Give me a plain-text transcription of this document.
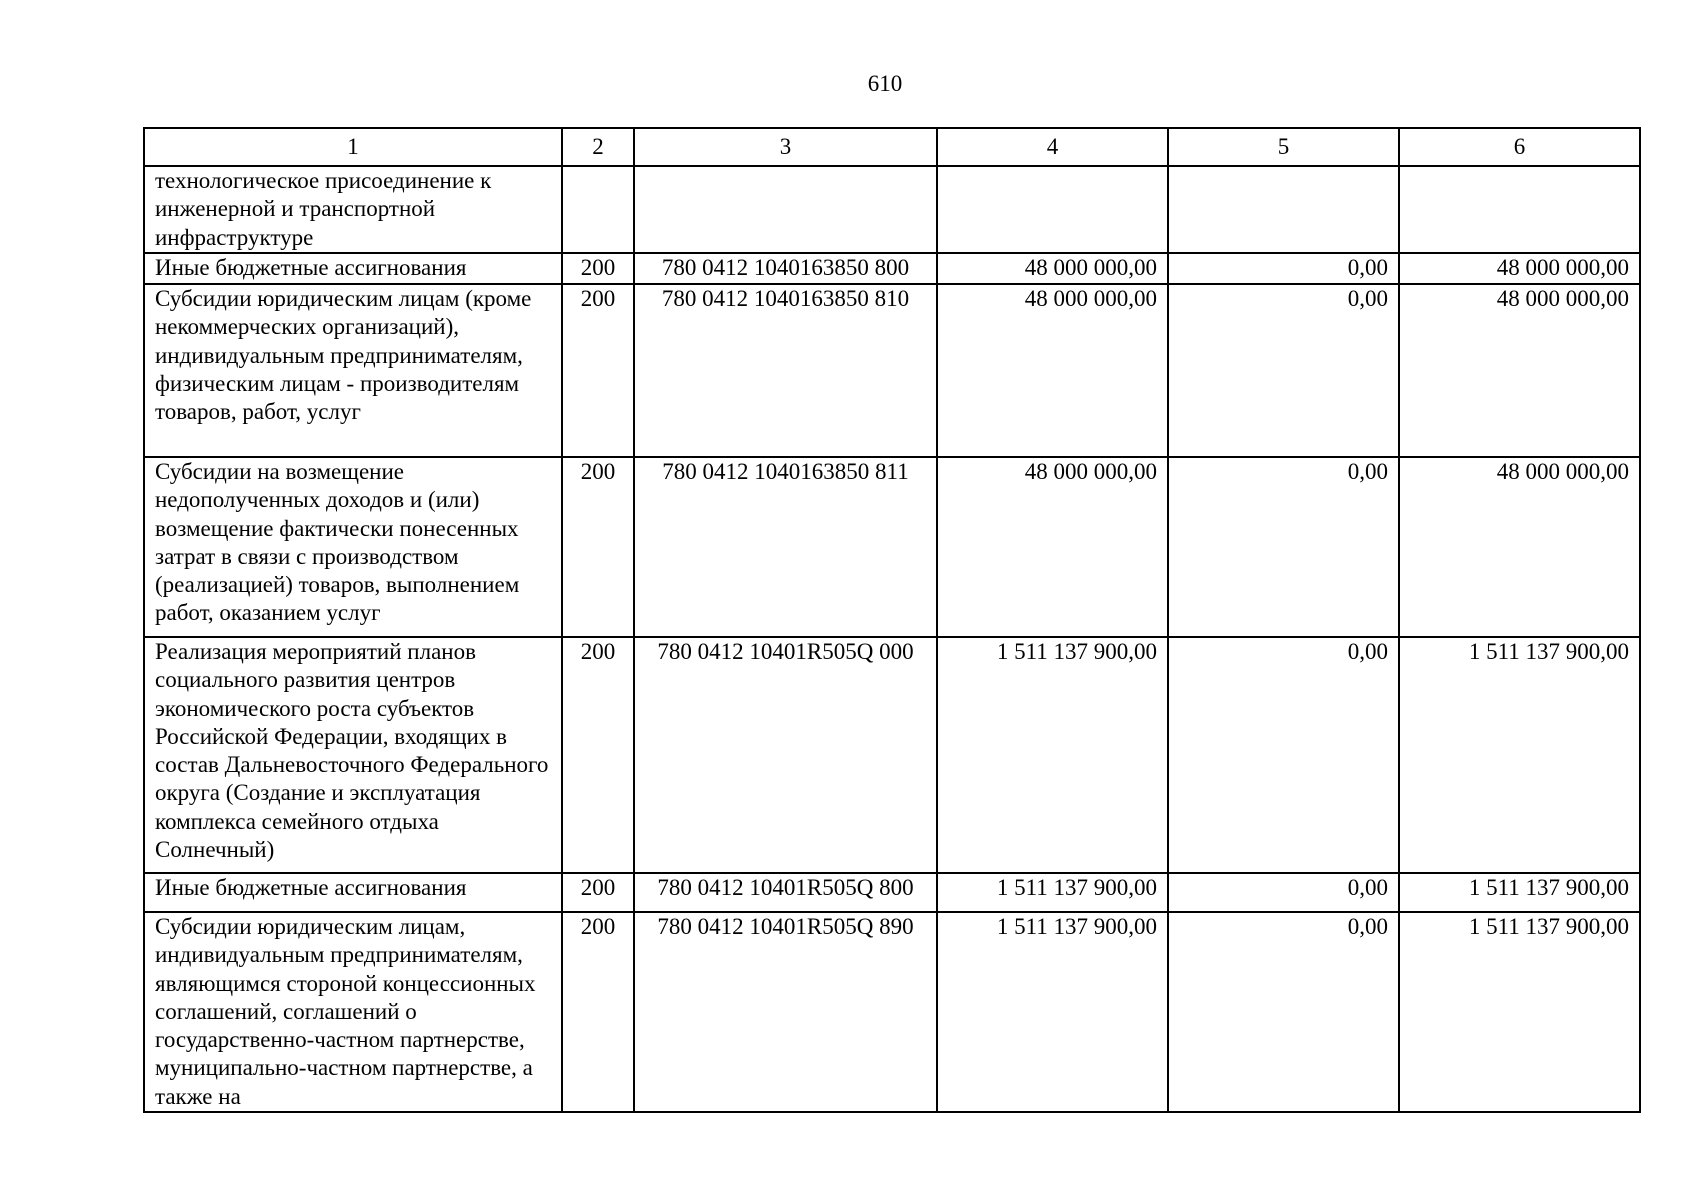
610
1	2	3	4	5	6
технологическое присоединение к инженерной и транспортной инфраструктуре					
Иные бюджетные ассигнования	200	780 0412 1040163850 800	48 000 000,00	0,00	48 000 000,00
Субсидии юридическим лицам (кроме некоммерческих организаций), индивидуальным предпринимателям, физическим лицам - производителям товаров, работ, услуг	200	780 0412 1040163850 810	48 000 000,00	0,00	48 000 000,00
Субсидии на возмещение недополученных доходов и (или) возмещение фактически понесенных затрат в связи с производством (реализацией) товаров, выполнением работ, оказанием услуг	200	780 0412 1040163850 811	48 000 000,00	0,00	48 000 000,00
Реализация мероприятий планов социального развития центров экономического роста субъектов Российской Федерации, входящих в состав Дальневосточного Федерального округа (Создание и эксплуатация комплекса семейного отдыха Солнечный)	200	780 0412 10401R505Q 000	1 511 137 900,00	0,00	1 511 137 900,00
Иные бюджетные ассигнования	200	780 0412 10401R505Q 800	1 511 137 900,00	0,00	1 511 137 900,00
Субсидии юридическим лицам, индивидуальным предпринимателям, являющимся стороной концессионных соглашений, соглашений о государственно-частном партнерстве, муниципально-частном партнерстве, а также на	200	780 0412 10401R505Q 890	1 511 137 900,00	0,00	1 511 137 900,00
